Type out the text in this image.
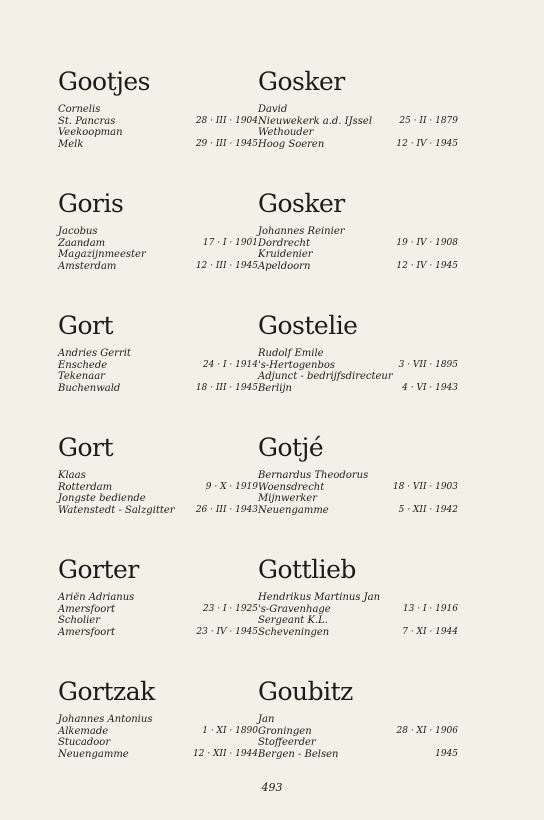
Gootjes
Cornelis
St. Pancras	28 · III · 1904
Veekoopman
Melk	29 · III · 1945
Goris
Jacobus
Zaandam	17 · I · 1901
Magazijnmeester
Amsterdam	12 · III · 1945
Gort
Andries Gerrit
Enschede	24 · I · 1914
Tekenaar
Buchenwald	18 · III · 1945
Gort
Klaas
Rotterdam	9 · X · 1919
Jongste bediende
Watenstedt - Salzgitter 26 · III · 1943
Gorter
Ariën Adrianus
Amersfoort	23 · I · 1925
Scholier
Amersfoort	23 · IV · 1945
Gortzak
Johannes Antonius
Alkemade	1 · XI · 1890
Stucadoor
Neuengamme	12 · XII · 1944
Gosker
David
Nieuwekerk a.d. IJssel	25 · II · 1879
Wethouder
Hoog Soeren	12 · IV · 1945
Gosker
Johannes Reinier
Dordrecht	19 · IV · 1908
Kruidenier
Apeldoorn	12 · IV · 1945
Gostelie
Rudolf Emile
's-Hertogenbos	3 · VII · 1895
Adjunct - bedrijfsdirecteur
Berlijn	4 · VI · 1943
Gotjé
Bernardus Theodorus
Woensdrecht	18 · VII · 1903
Mijnwerker
Neuengamme	5 · XII · 1942
Gottlieb
Hendrikus Martinus Jan
's-Gravenhage	13 · I · 1916
Sergeant K.L.
Scheveningen	7 · XI · 1944
Goubitz
Jan
Groningen	28 · XI · 1906
Stoffeerder
Bergen - Belsen	1945
493
